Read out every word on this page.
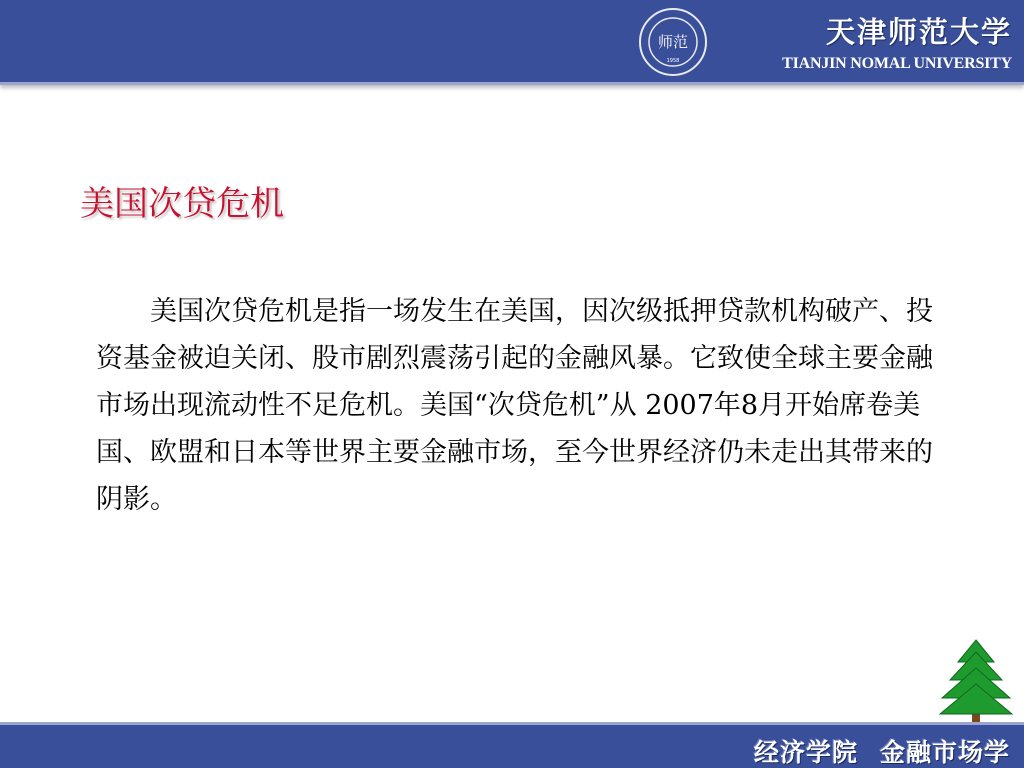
师范
1958
天津师范大学
TIANJIN NOMAL UNIVERSITY
美国次贷危机
美国次贷危机是指一场发生在美国，因次级抵押贷款机构破产、投资基金被迫关闭、股市剧烈震荡引起的金融风暴。它致使全球主要金融市场出现流动性不足危机。美国“次贷危机”从 2007年8月开始席卷美国、欧盟和日本等世界主要金融市场，至今世界经济仍未走出其带来的阴影。
经济学院 金融市场学
